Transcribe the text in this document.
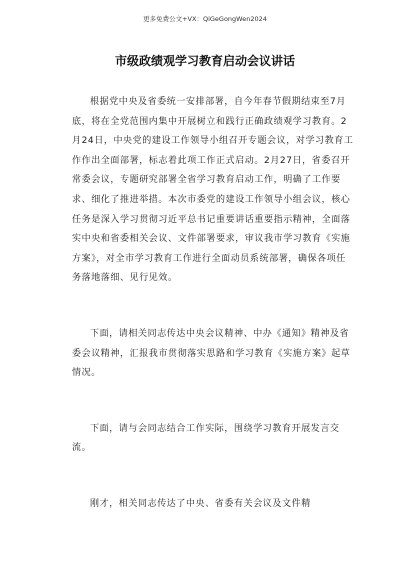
更多免费公文+VX：QiGeGongWen2024
市级政绩观学习教育启动会议讲话

根据党中央及省委统一安排部署，自今年春节假期结束至7月底，将在全党范围内集中开展树立和践行正确政绩观学习教育。2月24日，中央党的建设工作领导小组召开专题会议，对学习教育工作作出全面部署，标志着此项工作正式启动。2月27日，省委召开常委会议，专题研究部署全省学习教育启动工作，明确了工作要求、细化了推进举措。本次市委党的建设工作领导小组会议，核心任务是深入学习贯彻习近平总书记重要讲话重要指示精神，全面落实中央和省委相关会议、文件部署要求，审议我市学习教育《实施方案》，对全市学习教育工作进行全面动员系统部署，确保各项任务落地落细、见行见效。

下面，请相关同志传达中央会议精神、中办《通知》精神及省委会议精神，汇报我市贯彻落实思路和学习教育《实施方案》起草情况。

下面，请与会同志结合工作实际，围绕学习教育开展发言交流。

刚才，相关同志传达了中央、省委有关会议及文件精
